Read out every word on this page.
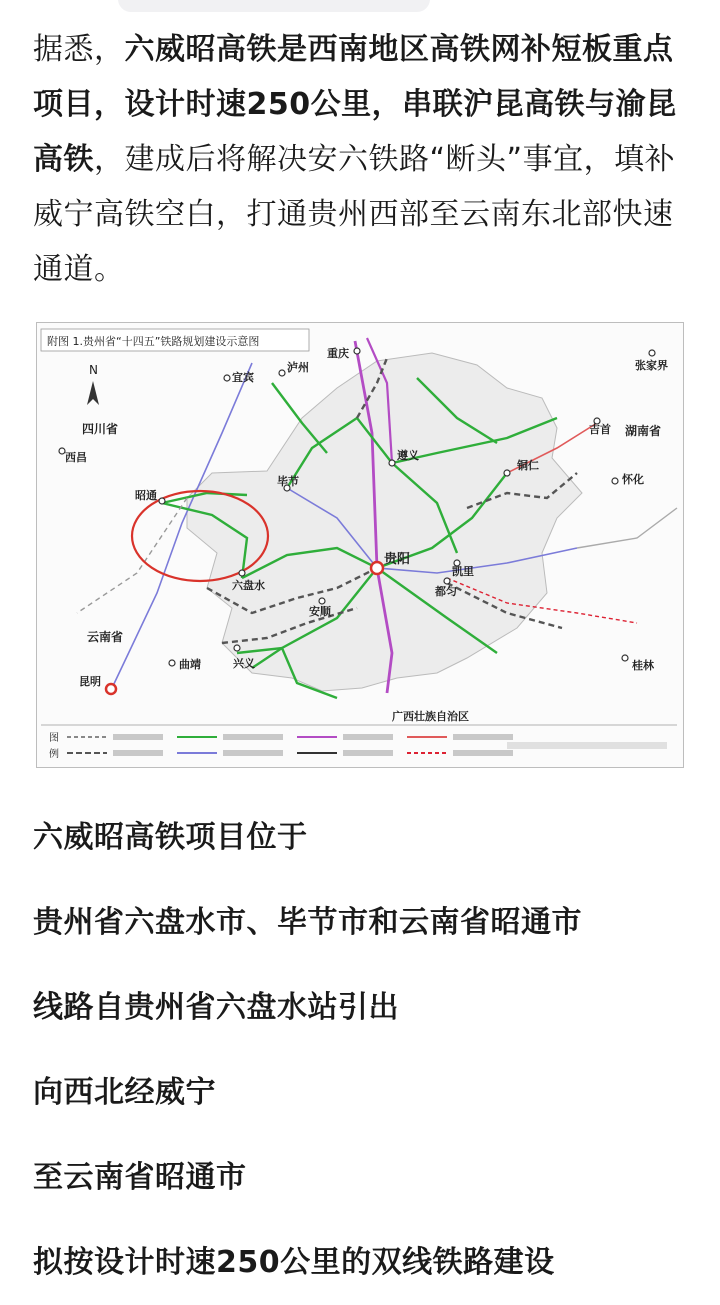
据悉，六威昭高铁是西南地区高铁网补短板重点项目，设计时速250公里，串联沪昆高铁与渝昆高铁，建成后将解决安六铁路“断头”事宜，填补威宁高铁空白，打通贵州西部至云南东北部快速通道。
附图 1.贵州省“十四五”铁路规划建设示意图
N
重庆
泸州
宜宾
四川省
西昌
张家界
吉首 湖南省
怀化
铜仁
遵义
毕节
昭通
六盘水
贵阳
安顺
凯里
都匀
云南省
昆明
曲靖	兴义
广西壮族自治区
桂林
图
例
六威昭高铁项目位于
贵州省六盘水市、毕节市和云南省昭通市
线路自贵州省六盘水站引出
向西北经威宁
至云南省昭通市
拟按设计时速250公里的双线铁路建设
